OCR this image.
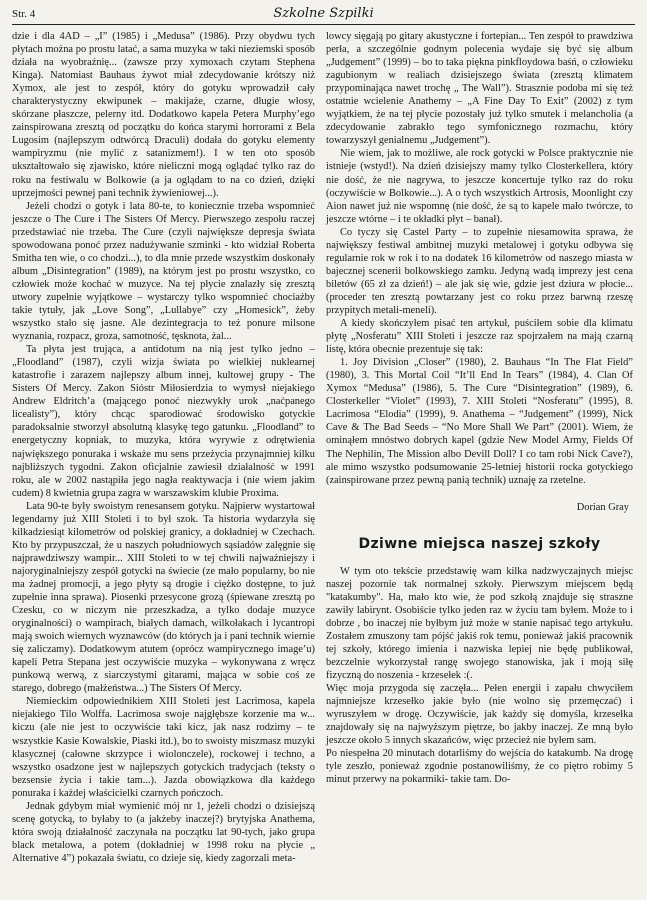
Str. 4	Szkolne Szpilki

dzie i dla 4AD – „I” (1985) i „Medusa” (1986). Przy obydwu tych płytach można po prostu latać, a sama muzyka w taki nieziemski sposób działa na wyobraźnię... (zawsze przy xymoxach czytam Stephena Kinga). Natomiast Bauhaus żywot miał zdecydowanie krótszy niż Xymox, ale jest to zespół, który do gotyku wprowadził cały charakterystyczny ekwipunek – makijaże, czarne, długie włosy, skórzane płaszcze, pelerny itd. Dodatkowo kapela Petera Murphy’ego zainspirowana zresztą od początku do końca starymi horrorami z Bela Lugosim (najlepszym odtwórcą Draculi) dodała do gotyku elementy wampiryzmu (nie mylić z satanizmem!). I w ten oto sposób ukształtowało się zjawisko, które nieliczni mogą oglądać tylko raz do roku na festiwalu w Bolkowie (a ja oglądam to na co dzień, dzięki uprzejmości pewnej pani technik żywieniowej...).

Jeżeli chodzi o gotyk i lata 80-te, to koniecznie trzeba wspomnieć jeszcze o The Cure i The Sisters Of Mercy. Pierwszego zespołu raczej przedstawiać nie trzeba. The Cure (czyli największe depresja świata spowodowana ponoć przez nadużywanie szminki - kto widział Roberta Smitha ten wie, o co chodzi...), to dla mnie przede wszystkim doskonały album „Disintegration” (1989), na którym jest po prostu wszystko, co człowiek może kochać w muzyce. Na tej płycie znalazły się zresztą utwory zupełnie wyjątkowe – wystarczy tylko wspomnieć chociażby takie tytuły, jak „Love Song”, „Lullabye” czy „Homesick”, żeby wszystko stało się jasne. Ale dezintegracja to też ponure milsone wyznania, rozpacz, groza, samotność, tęsknota, żal...

Ta płyta jest trująca, a antidotum na nią jest tylko jedno – „Floodland” (1987), czyli wizja świata po wielkiej nuklearnej katastrofie i zarazem najlepszy album innej, kultowej grupy - The Sisters Of Mercy. Zakon Sióstr Miłosierdzia to wymysł niejakiego Andrew Eldritch’a (mającego ponoć niezwykły urok „naćpanego licealisty”), który chcąc sparodiować środowisko gotyckie paradoksalnie stworzył absolutną klasykę tego gatunku. „Floodland” to energetyczny kopniak, to muzyka, która wyrywie z odrętwienia największego ponuraka i wskaże mu sens przeżycia przynajmniej kilku najbliższych tygodni. Zakon oficjalnie zawiesił działalność w 1991 roku, ale w 2002 nastąpiła jego nagła reaktywacja i (nie wiem jakim cudem) 8 kwietnia grupa zagra w warszawskim klubie Proxima.

Lata 90-te były swoistym renesansem gotyku. Najpierw wystartował legendarny już XIII Stoleti i to był szok. Ta historia wydarzyła się kilkadziesiąt kilometrów od polskiej granicy, a dokładniej w Czechach. Kto by przypuszczał, że u naszych południowych sąsiadów zalęgnie się najprawdziwszy wampir... XIII Stoleti to w tej chwili najważniejszy i najoryginalniejszy zespół gotycki na świecie (ze mało popularny, bo nie ma żadnej promocji, a jego płyty są drogie i ciężko dostępne, to już zupełnie inna sprawa). Piosenki przesycone grozą (śpiewane zresztą po Czesku, co w niczym nie przeszkadza, a tylko dodaje muzyce oryginalności) o wampirach, białych damach, wilkołakach i lycantropi mają swoich wiernych wyznawców (do których ja i pani technik wiernie się zaliczamy). Dodatkowym atutem (oprócz wampirycznego image’u) kapeli Petra Stepana jest oczywiście muzyka – wykonywana z wręcz punkową werwą, z siarczystymi gitarami, mająca w sobie coś ze starego, dobrego (małżeństwa...) The Sisters Of Mercy.

Niemieckim odpowiednikiem XIII Stoleti jest Lacrimosa, kapela niejakiego Tilo Wolffa. Lacrimosa swoje najgłębsze korzenie ma w... kiczu (ale nie jest to oczywiście taki kicz, jak nasz rodzimy – te wszystkie Kasie Kowalskie, Piaski itd.), bo to swoisty miszmasz muzyki klasycznej (całowne skrzypce i wiolonczele), rockowej i techno, a wszystko osadzone jest w najlepszych gotyckich tradycjach (teksty o bezsensie życia i takie tam...). Jazda obowiązkowa dla każdego ponuraka i każdej właścicielki czarnych pończoch.

Jednak gdybym miał wymienić mój nr 1, jeżeli chodzi o dzisiejszą scenę gotycką, to byłaby to (a jakżeby inaczej?) brytyjska Anathema, która swoją działalność zaczynała na początku lat 90-tych, jako grupa black metalowa, a potem (dokładniej w 1998 roku na płycie „ Alternative 4”) pokazała światu, co dzieje się, kiedy zagorzali meta-

lowcy sięgają po gitary akustyczne i fortepian... Ten zespół to prawdziwa perła, a szczególnie godnym polecenia wydaje się być się album „Judgement” (1999) – bo to taka piękna pinkfloydowa baśń, o człowieku zagubionym w realiach dzisiejszego świata (zresztą klimatem przypominająca nawet trochę „ The Wall”). Strasznie podoba mi się też ostatnie wcielenie Anathemy – „A Fine Day To Exit” (2002) z tym wyjątkiem, że na tej płycie pozostały już tylko smutek i melancholia (a zdecydowanie zabrakło tego symfonicznego rozmachu, który towarzyszył genialnemu „Judgement”).

Nie wiem, jak to możliwe, ale rock gotycki w Polsce praktycznie nie istnieje (wstyd!). Na dzień dzisiejszy mamy tylko Closterkellera, który nie dość, że nie nagrywa, to jeszcze koncertuje tylko raz do roku (oczywiście w Bolkowie...). A o tych wszystkich Artrosis, Moonlight czy Aion nawet już nie wspomnę (nie dość, że są to kapele mało twórcze, to jeszcze wtórne – i te okładki płyt – banał).

Co tyczy się Castel Party – to zupełnie niesamowita sprawa, że największy festiwal ambitnej muzyki metalowej i gotyku odbywa się regularnie rok w rok i to na dodatek 16 kilometrów od naszego miasta w bajecznej scenerii bolkowskiego zamku. Jedyną wadą imprezy jest cena biletów (65 zł za dzień!) – ale jak się wie, gdzie jest dziura w płocie... (proceder ten zresztą powtarzany jest co roku przez barwną rzeszę przypitych metali-meneli).

A kiedy skończyłem pisać ten artykuł, puściłem sobie dla klimatu płytę „Nosferatu” XIII Stoleti i jeszcze raz spojrzałem na mają czarną listę, która obecnie prezentuje się tak:

1. Joy Division „Closer” (1980), 2. Bauhaus “In The Flat Field” (1980), 3. This Mortal Coil “It’ll End In Tears” (1984), 4. Clan Of Xymox “Medusa” (1986), 5. The Cure “Disintegration” (1989), 6. Closterkeller “Violet” (1993), 7. XIII Stoleti “Nosferatu” (1995), 8. Lacrimosa “Elodia” (1999), 9. Anathema – “Judgement” (1999), Nick Cave & The Bad Seeds – “No More Shall We Part” (2001). Wiem, że ominąłem mnóstwo dobrych kapel (gdzie New Model Army, Fields Of The Nephilin, The Mission albo Devill Doll? I co tam robi Nick Cave?), ale mimo wszystko podsumowanie 25-letniej historii rocka gotyckiego (zainspirowane przez pewną panią technik) uznaję za rzetelne.

Dorian Gray
Dziwne miejsca naszej szkoły

W tym oto tekście przedstawię wam kilka nadzwyczajnych miejsc naszej pozornie tak normalnej szkoły. Pierwszym miejscem będą "katakumby". Ha, mało kto wie, że pod szkołą znajduje się straszne zawiły labirynt. Osobiście tylko jeden raz w życiu tam byłem. Może to i dobrze , bo inaczej nie byłbym już może w stanie napisać tego artykułu. Zostałem zmuszony tam pójść jakiś rok temu, ponieważ jakiś pracownik tej szkoły, którego imienia i nazwiska lepiej nie będę publikował, bezczelnie wykorzystał rangę swojego stanowiska, jak i moją siłę fizyczną do noszenia - krzesełek :(.

Więc moja przygoda się zaczęła... Pełen energii i zapału chwyciłem najmniejsze krzesełko jakie było (nie wolno się przemęczać) i wyruszyłem w drogę. Oczywiście, jak każdy się domyśla, krzesełka znajdowały się na najwyższym piętrze, bo jakby inaczej. Ze mną było jeszcze około 5 innych skazańców, więc przecież nie byłem sam.

Po niespełna 20 minutach dotarliśmy do wejścia do katakumb. Na drogę tyle zeszło, ponieważ zgodnie postanowiliśmy, że co piętro robimy 5 minut przerwy na pokarmiki- takie tam. Do-
